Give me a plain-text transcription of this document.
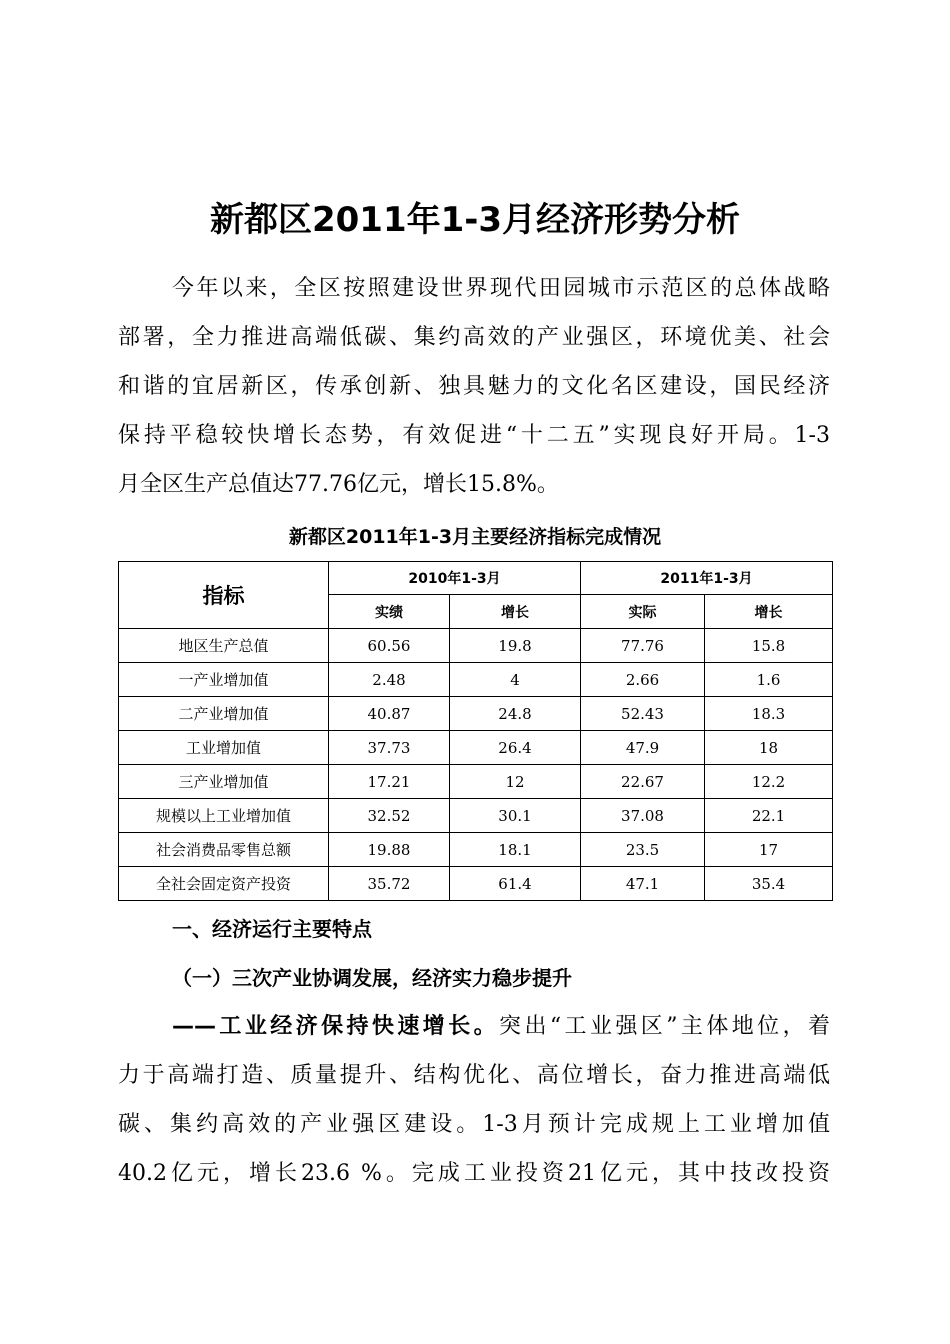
新都区2011年1-3月经济形势分析
今年以来，全区按照建设世界现代田园城市示范区的总体战略
部署，全力推进高端低碳、集约高效的产业强区，环境优美、社会
和谐的宜居新区，传承创新、独具魅力的文化名区建设，国民经济
保持平稳较快增长态势，有效促进“十二五”实现良好开局。1-3
月全区生产总值达77.76亿元，增长15.8%。
新都区2011年1-3月主要经济指标完成情况
指标	2010年1-3月		2011年1-3月	
	实绩	增长	实际	增长
地区生产总值	60.56	19.8	77.76	15.8
一产业增加值	2.48	4	2.66	1.6
二产业增加值	40.87	24.8	52.43	18.3
工业增加值	37.73	26.4	47.9	18
三产业增加值	17.21	12	22.67	12.2
规模以上工业增加值	32.52	30.1	37.08	22.1
社会消费品零售总额	19.88	18.1	23.5	17
全社会固定资产投资	35.72	61.4	47.1	35.4
一、经济运行主要特点
（一）三次产业协调发展，经济实力稳步提升
——工业经济保持快速增长。突出“工业强区”主体地位，着
力于高端打造、质量提升、结构优化、高位增长，奋力推进高端低
碳、集约高效的产业强区建设。1-3月预计完成规上工业增加值
40.2亿元，增长23.6 %。完成工业投资21亿元，其中技改投资
